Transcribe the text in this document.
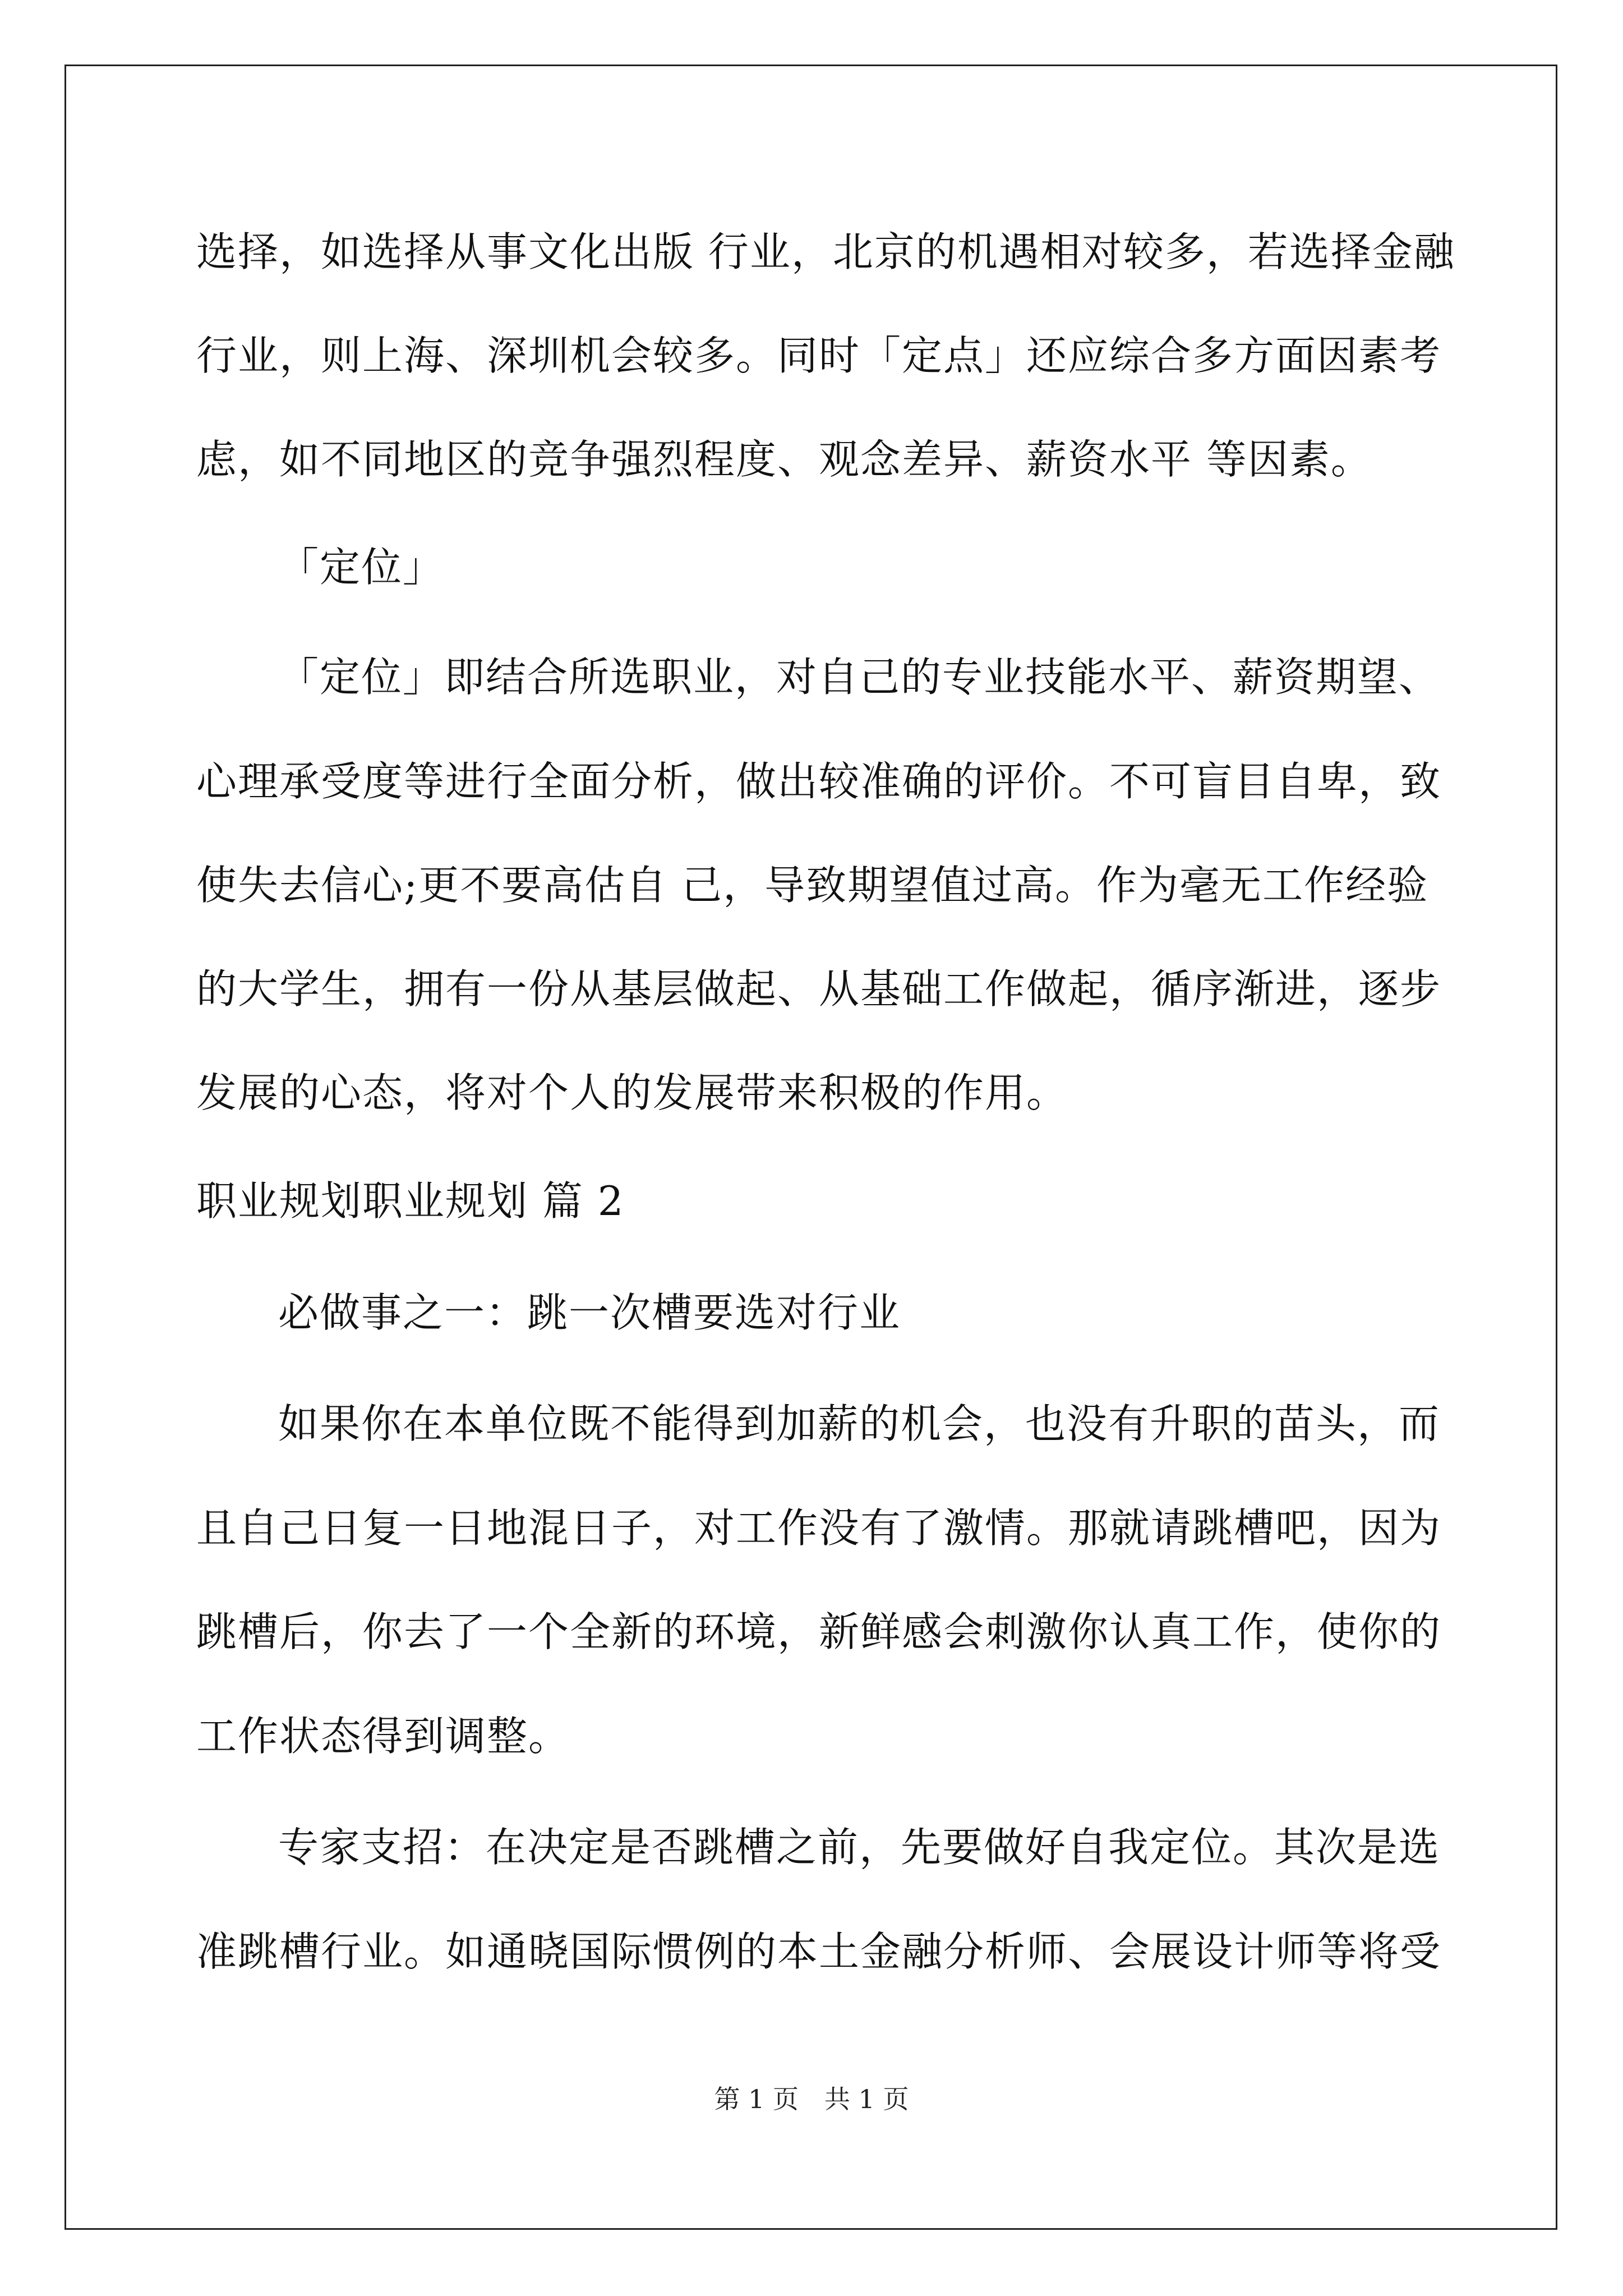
选择，如选择从事文化出版 行业，北京的机遇相对较多，若选择金融
行业，则上海、深圳机会较多。同时「定点」还应综合多方面因素考
虑，如不同地区的竞争强烈程度、观念差异、薪资水平 等因素。
「定位」
「定位」即结合所选职业，对自己的专业技能水平、薪资期望、
心理承受度等进行全面分析，做出较准确的评价。不可盲目自卑，致
使失去信心;更不要高估自 己，导致期望值过高。作为毫无工作经验
的大学生，拥有一份从基层做起、从基础工作做起，循序渐进，逐步
发展的心态，将对个人的发展带来积极的作用。
职业规划职业规划 篇 2
必做事之一：跳一次槽要选对行业
如果你在本单位既不能得到加薪的机会，也没有升职的苗头，而
且自己日复一日地混日子，对工作没有了激情。那就请跳槽吧，因为
跳槽后，你去了一个全新的环境，新鲜感会刺激你认真工作，使你的
工作状态得到调整。
专家支招：在决定是否跳槽之前，先要做好自我定位。其次是选
准跳槽行业。如通晓国际惯例的本土金融分析师、会展设计师等将受
第 1 页　共 1 页
